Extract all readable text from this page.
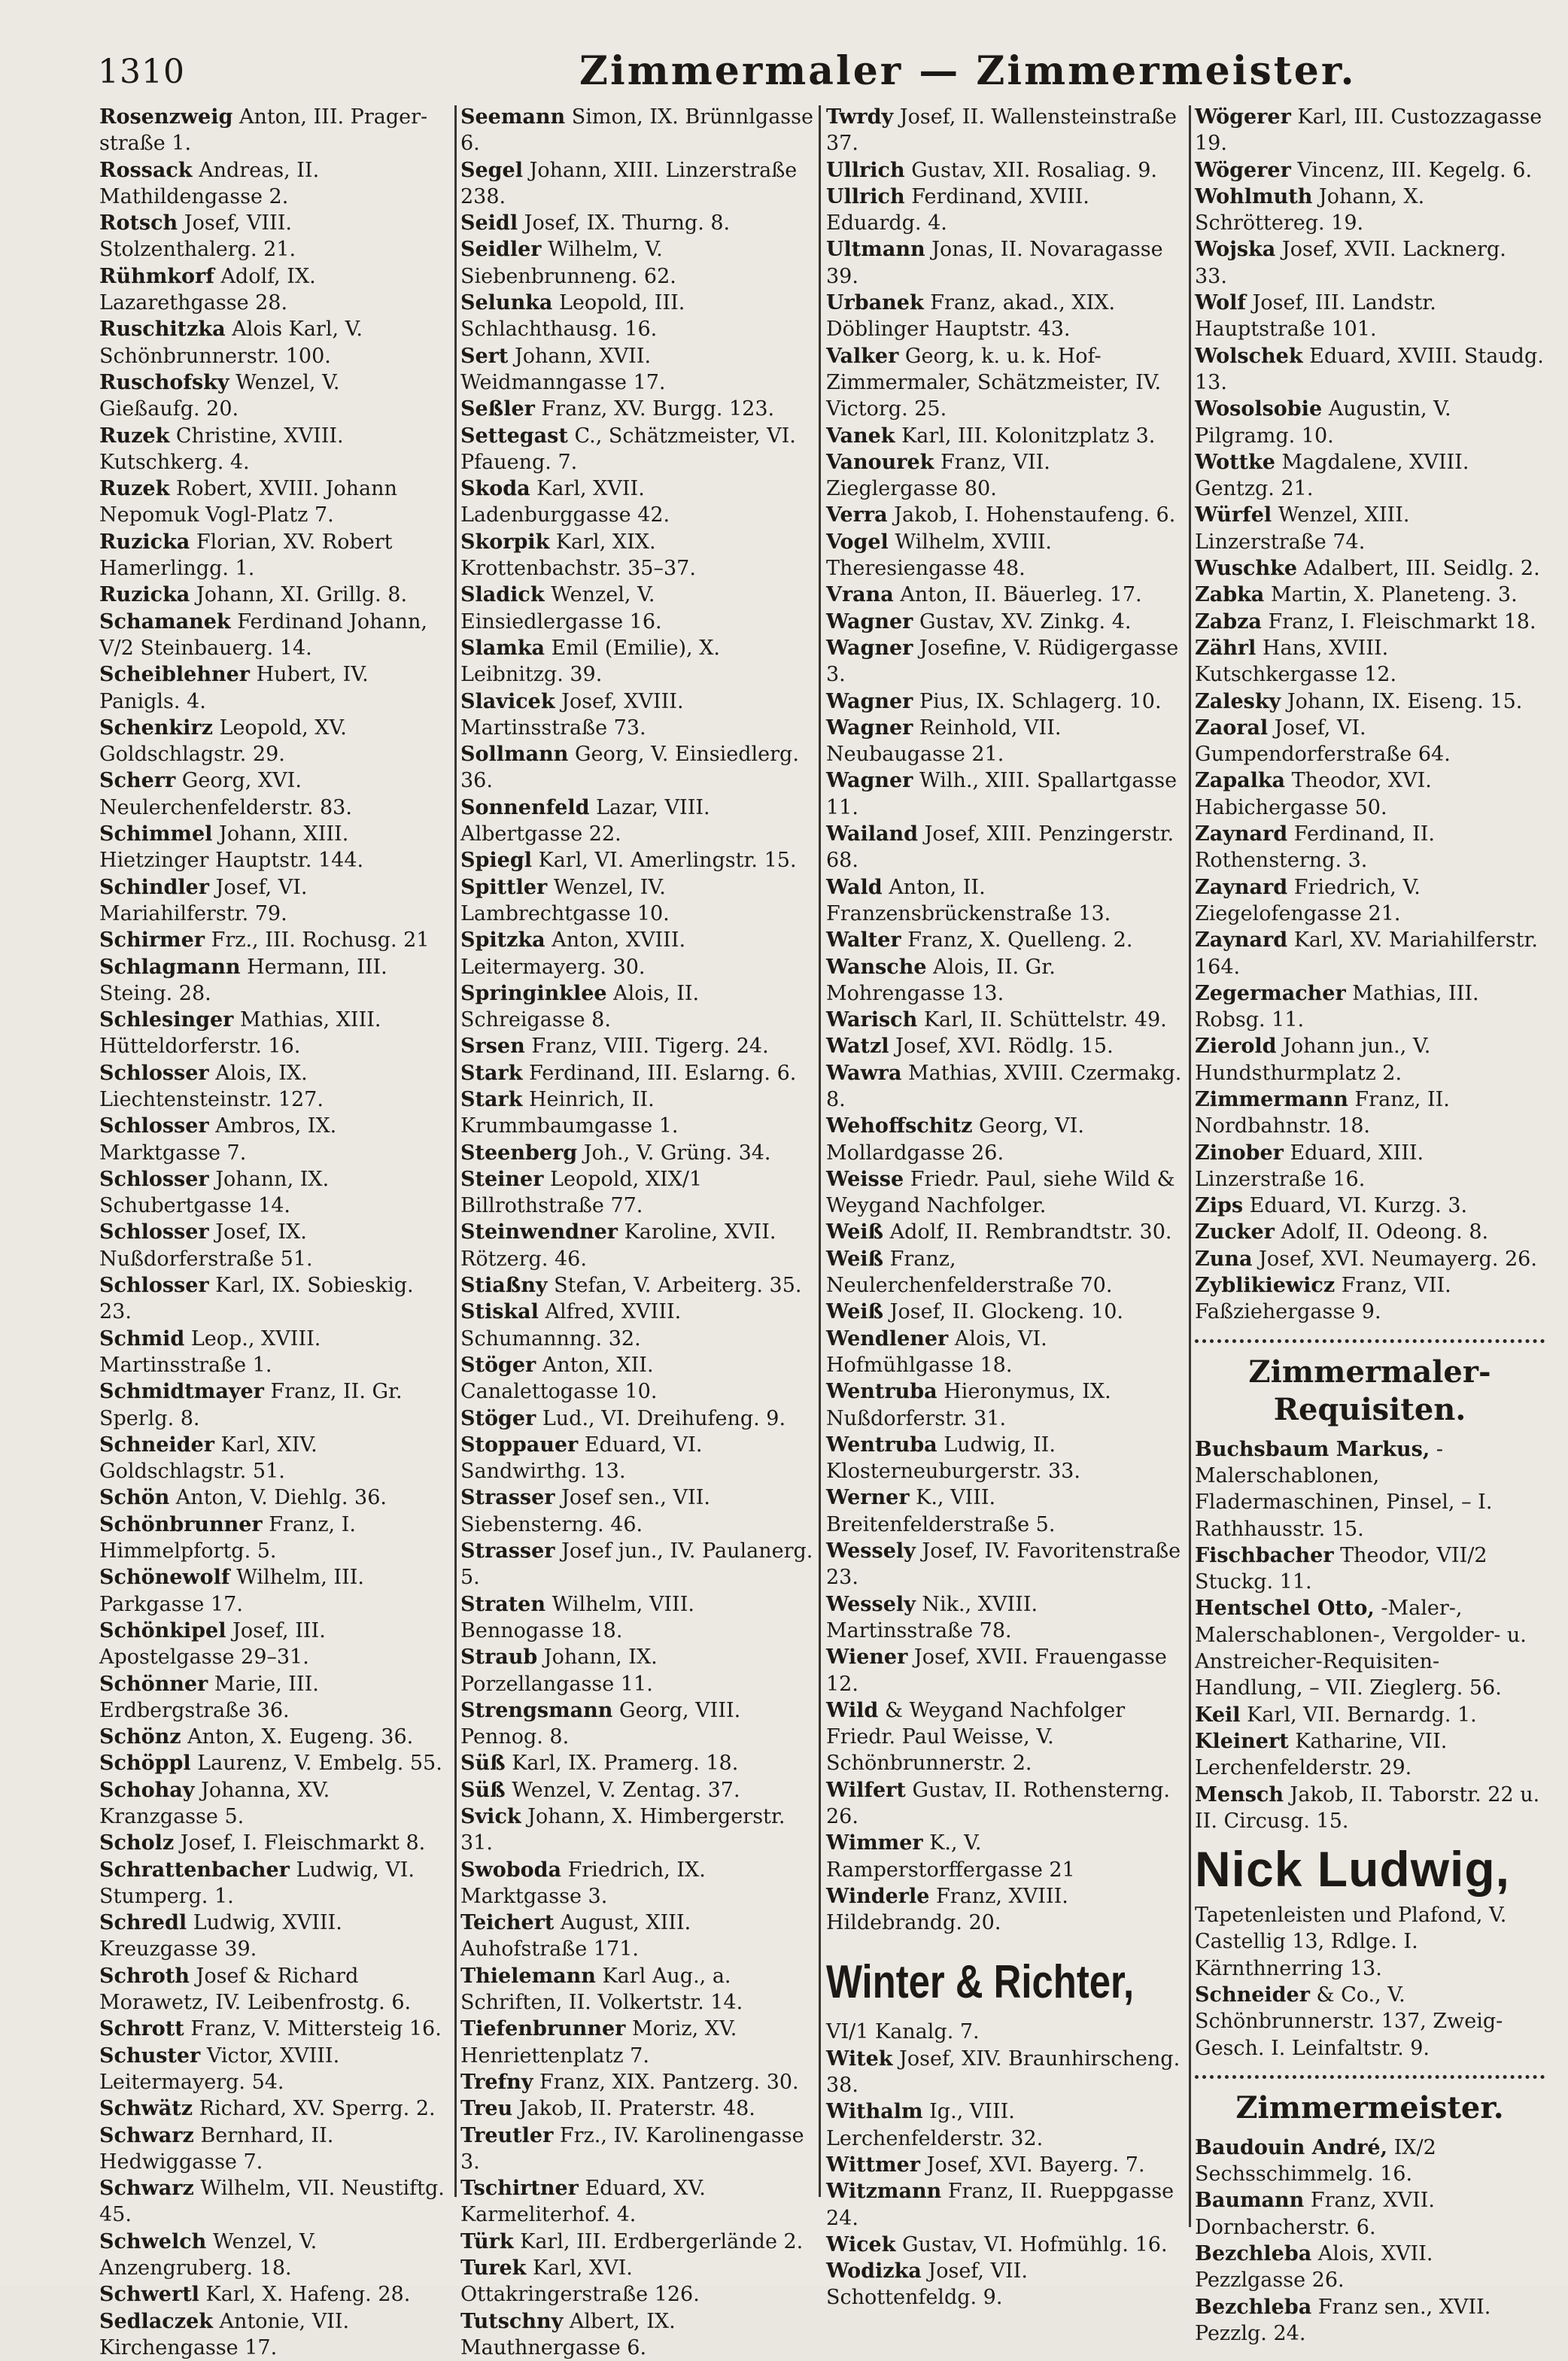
1310	Zimmermaler — Zimmermeister.
Rosenzweig Anton, III. Prager-straße 1.
Rossack Andreas, II. Mathildengasse 2.
Rotsch Josef, VIII. Stolzenthalerg. 21.
Rühmkorf Adolf, IX. Lazarethgasse 28.
Ruschitzka Alois Karl, V. Schönbrunnerstr. 100.
Ruschofsky Wenzel, V. Gießaufg. 20.
Ruzek Christine, XVIII. Kutschkerg. 4.
Ruzek Robert, XVIII. Johann Nepomuk Vogl-Platz 7.
Ruzicka Florian, XV. Robert Hamerlingg. 1.
Ruzicka Johann, XI. Grillg. 8.
Schamanek Ferdinand Johann, V/2 Steinbauerg. 14.
Scheiblehner Hubert, IV. Panigls. 4.
Schenkirz Leopold, XV. Goldschlagstr. 29.
Scherr Georg, XVI. Neulerchenfelderstr. 83.
Schimmel Johann, XIII. Hietzinger Hauptstr. 144.
Schindler Josef, VI. Mariahilferstr. 79.
Schirmer Frz., III. Rochusg. 21
Schlagmann Hermann, III. Steing. 28.
Schlesinger Mathias, XIII. Hütteldorferstr. 16.
Schlosser Alois, IX. Liechtensteinstr. 127.
Schlosser Ambros, IX. Marktgasse 7.
Schlosser Johann, IX. Schubertgasse 14.
Schlosser Josef, IX. Nußdorferstraße 51.
Schlosser Karl, IX. Sobieskig. 23.
Schmid Leop., XVIII. Martinsstraße 1.
Schmidtmayer Franz, II. Gr. Sperlg. 8.
Schneider Karl, XIV. Goldschlagstr. 51.
Schön Anton, V. Diehlg. 36.
Schönbrunner Franz, I. Himmelpfortg. 5.
Schönewolf Wilhelm, III. Parkgasse 17.
Schönkipel Josef, III. Apostelgasse 29–31.
Schönner Marie, III. Erdbergstraße 36.
Schönz Anton, X. Eugeng. 36.
Schöppl Laurenz, V. Embelg. 55.
Schohay Johanna, XV. Kranzgasse 5.
Scholz Josef, I. Fleischmarkt 8.
Schrattenbacher Ludwig, VI. Stumperg. 1.
Schredl Ludwig, XVIII. Kreuzgasse 39.
Schroth Josef & Richard Morawetz, IV. Leibenfrostg. 6.
Schrott Franz, V. Mittersteig 16.
Schuster Victor, XVIII. Leitermayerg. 54.
Schwätz Richard, XV. Sperrg. 2.
Schwarz Bernhard, II. Hedwiggasse 7.
Schwarz Wilhelm, VII. Neustiftg. 45.
Schwelch Wenzel, V. Anzengruberg. 18.
Schwertl Karl, X. Hafeng. 28.
Sedlaczek Antonie, VII. Kirchengasse 17.
Seemann Simon, IX. Brünnlgasse 6.
Segel Johann, XIII. Linzerstraße 238.
Seidl Josef, IX. Thurng. 8.
Seidler Wilhelm, V. Siebenbrunneng. 62.
Selunka Leopold, III. Schlachthausg. 16.
Sert Johann, XVII. Weidmanngasse 17.
Seßler Franz, XV. Burgg. 123.
Settegast C., Schätzmeister, VI. Pfaueng. 7.
Skoda Karl, XVII. Ladenburggasse 42.
Skorpik Karl, XIX. Krottenbachstr. 35–37.
Sladick Wenzel, V. Einsiedlergasse 16.
Slamka Emil (Emilie), X. Leibnitzg. 39.
Slavicek Josef, XVIII. Martinsstraße 73.
Sollmann Georg, V. Einsiedlerg. 36.
Sonnenfeld Lazar, VIII. Albertgasse 22.
Spiegl Karl, VI. Amerlingstr. 15.
Spittler Wenzel, IV. Lambrechtgasse 10.
Spitzka Anton, XVIII. Leitermayerg. 30.
Springinklee Alois, II. Schreigasse 8.
Srsen Franz, VIII. Tigerg. 24.
Stark Ferdinand, III. Eslarng. 6.
Stark Heinrich, II. Krummbaumgasse 1.
Steenberg Joh., V. Grüng. 34.
Steiner Leopold, XIX/1 Billrothstraße 77.
Steinwendner Karoline, XVII. Rötzerg. 46.
Stiaßny Stefan, V. Arbeiterg. 35.
Stiskal Alfred, XVIII. Schumannng. 32.
Stöger Anton, XII. Canalettogasse 10.
Stöger Lud., VI. Dreihufeng. 9.
Stoppauer Eduard, VI. Sandwirthg. 13.
Strasser Josef sen., VII. Siebensterng. 46.
Strasser Josef jun., IV. Paulanerg. 5.
Straten Wilhelm, VIII. Bennogasse 18.
Straub Johann, IX. Porzellangasse 11.
Strengsmann Georg, VIII. Pennog. 8.
Süß Karl, IX. Pramerg. 18.
Süß Wenzel, V. Zentag. 37.
Svick Johann, X. Himbergerstr. 31.
Swoboda Friedrich, IX. Marktgasse 3.
Teichert August, XIII. Auhofstraße 171.
Thielemann Karl Aug., a. Schriften, II. Volkertstr. 14.
Tiefenbrunner Moriz, XV. Henriettenplatz 7.
Trefny Franz, XIX. Pantzerg. 30.
Treu Jakob, II. Praterstr. 48.
Treutler Frz., IV. Karolinengasse 3.
Tschirtner Eduard, XV. Karmeliterhof. 4.
Türk Karl, III. Erdbergerlände 2.
Turek Karl, XVI. Ottakringerstraße 126.
Tutschny Albert, IX. Mauthnergasse 6.
Twrdy Josef, II. Wallensteinstraße 37.
Ullrich Gustav, XII. Rosaliag. 9.
Ullrich Ferdinand, XVIII. Eduardg. 4.
Ultmann Jonas, II. Novaragasse 39.
Urbanek Franz, akad., XIX. Döblinger Hauptstr. 43.
Valker Georg, k. u. k. Hof-Zimmermaler, Schätzmeister, IV. Victorg. 25.
Vanek Karl, III. Kolonitzplatz 3.
Vanourek Franz, VII. Zieglergasse 80.
Verra Jakob, I. Hohenstaufeng. 6.
Vogel Wilhelm, XVIII. Theresiengasse 48.
Vrana Anton, II. Bäuerleg. 17.
Wagner Gustav, XV. Zinkg. 4.
Wagner Josefine, V. Rüdigergasse 3.
Wagner Pius, IX. Schlagerg. 10.
Wagner Reinhold, VII. Neubaugasse 21.
Wagner Wilh., XIII. Spallartgasse 11.
Wailand Josef, XIII. Penzingerstr. 68.
Wald Anton, II. Franzensbrückenstraße 13.
Walter Franz, X. Quelleng. 2.
Wansche Alois, II. Gr. Mohrengasse 13.
Warisch Karl, II. Schüttelstr. 49.
Watzl Josef, XVI. Rödlg. 15.
Wawra Mathias, XVIII. Czermakg. 8.
Wehoffschitz Georg, VI. Mollardgasse 26.
Weisse Friedr. Paul, siehe Wild & Weygand Nachfolger.
Weiß Adolf, II. Rembrandtstr. 30.
Weiß Franz, Neulerchenfelderstraße 70.
Weiß Josef, II. Glockeng. 10.
Wendlener Alois, VI. Hofmühlgasse 18.
Wentruba Hieronymus, IX. Nußdorferstr. 31.
Wentruba Ludwig, II. Klosterneuburgerstr. 33.
Werner K., VIII. Breitenfelderstraße 5.
Wessely Josef, IV. Favoritenstraße 23.
Wessely Nik., XVIII. Martinsstraße 78.
Wiener Josef, XVII. Frauengasse 12.
Wild & Weygand Nachfolger Friedr. Paul Weisse, V. Schönbrunnerstr. 2.
Wilfert Gustav, II. Rothensterng. 26.
Wimmer K., V. Ramperstorffergasse 21
Winderle Franz, XVIII. Hildebrandg. 20.
Winter & Richter,
VI/1 Kanalg. 7.
Witek Josef, XIV. Braunhirscheng. 38.
Withalm Ig., VIII. Lerchenfelderstr. 32.
Wittmer Josef, XVI. Bayerg. 7.
Witzmann Franz, II. Rueppgasse 24.
Wicek Gustav, VI. Hofmühlg. 16.
Wodizka Josef, VII. Schottenfeldg. 9.
Wögerer Karl, III. Custozzagasse 19.
Wögerer Vincenz, III. Kegelg. 6.
Wohlmuth Johann, X. Schröttereg. 19.
Wojska Josef, XVII. Lacknerg. 33.
Wolf Josef, III. Landstr. Hauptstraße 101.
Wolschek Eduard, XVIII. Staudg. 13.
Wosolsobie Augustin, V. Pilgramg. 10.
Wottke Magdalene, XVIII. Gentzg. 21.
Würfel Wenzel, XIII. Linzerstraße 74.
Wuschke Adalbert, III. Seidlg. 2.
Zabka Martin, X. Planeteng. 3.
Zabza Franz, I. Fleischmarkt 18.
Zährl Hans, XVIII. Kutschkergasse 12.
Zalesky Johann, IX. Eiseng. 15.
Zaoral Josef, VI. Gumpendorferstraße 64.
Zapalka Theodor, XVI. Habichergasse 50.
Zaynard Ferdinand, II. Rothensterng. 3.
Zaynard Friedrich, V. Ziegelofengasse 21.
Zaynard Karl, XV. Mariahilferstr. 164.
Zegermacher Mathias, III. Robsg. 11.
Zierold Johann jun., V. Hundsthurmplatz 2.
Zimmermann Franz, II. Nordbahnstr. 18.
Zinober Eduard, XIII. Linzerstraße 16.
Zips Eduard, VI. Kurzg. 3.
Zucker Adolf, II. Odeong. 8.
Zuna Josef, XVI. Neumayerg. 26.
Zyblikiewicz Franz, VII. Faßziehergasse 9.
Zimmermaler-Requisiten.
Buchsbaum Markus, -Malerschablonen, Fladermaschinen, Pinsel, – I. Rathhausstr. 15.
Fischbacher Theodor, VII/2 Stuckg. 11.
Hentschel Otto, -Maler-, Malerschablonen-, Vergolder- u. Anstreicher-Requisiten-Handlung, – VII. Zieglerg. 56.
Keil Karl, VII. Bernardg. 1.
Kleinert Katharine, VII. Lerchenfelderstr. 29.
Mensch Jakob, II. Taborstr. 22 u. II. Circusg. 15.
Nick Ludwig,
Tapetenleisten und Plafond, V. Castellig 13, Rdlge. I. Kärnthnerring 13.
Schneider & Co., V. Schönbrunnerstr. 137, Zweig-Gesch. I. Leinfaltstr. 9.
Zimmermeister.
Baudouin André, IX/2 Sechsschimmelg. 16.
Baumann Franz, XVII. Dornbacherstr. 6.
Bezchleba Alois, XVII. Pezzlgasse 26.
Bezchleba Franz sen., XVII. Pezzlg. 24.
